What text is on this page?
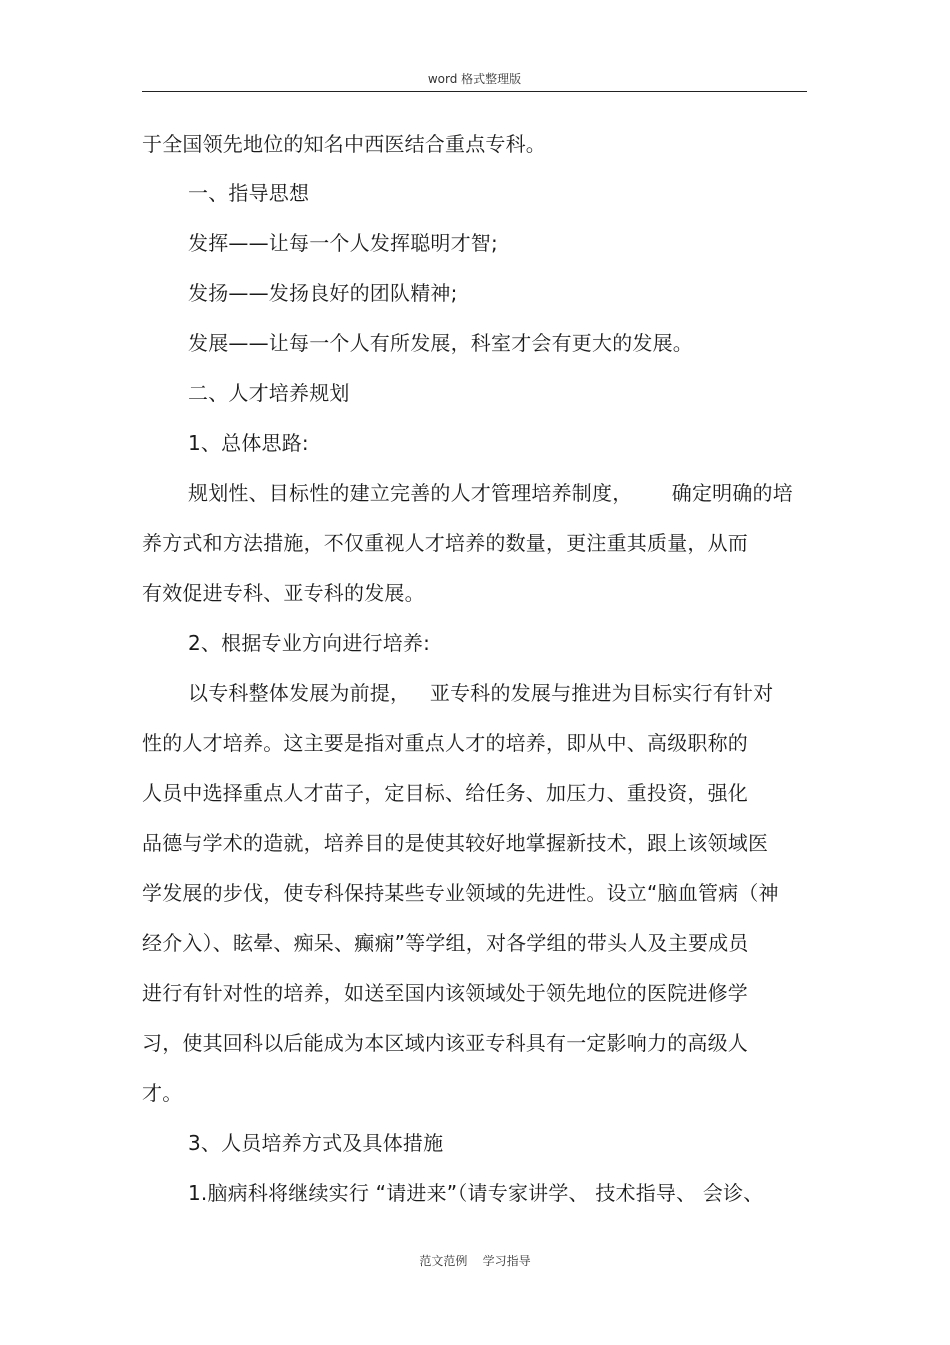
word 格式整理版
于全国领先地位的知名中西医结合重点专科。
一、指导思想
发挥——让每一个人发挥聪明才智;
发扬——发扬良好的团队精神;
发展——让每一个人有所发展，科室才会有更大的发展。
二、人才培养规划
1、总体思路:
规划性、目标性的建立完善的人才管理培养制度，      确定明确的培
养方式和方法措施，不仅重视人才培养的数量，更注重其质量，从而
有效促进专科、亚专科的发展。
2、根据专业方向进行培养:
以专科整体发展为前提，   亚专科的发展与推进为目标实行有针对
性的人才培养。这主要是指对重点人才的培养，即从中、高级职称的
人员中选择重点人才苗子，定目标、给任务、加压力、重投资，强化
品德与学术的造就，培养目的是使其较好地掌握新技术，跟上该领域医
学发展的步伐，使专科保持某些专业领域的先进性。设立“脑血管病（神
经介入）、眩晕、痴呆、癫痫”等学组，对各学组的带头人及主要成员
进行有针对性的培养，如送至国内该领域处于领先地位的医院进修学
习，使其回科以后能成为本区域内该亚专科具有一定影响力的高级人
才。
3、人员培养方式及具体措施
1.脑病科将继续实行 “请进来”（请专家讲学、 技术指导、 会诊、
范文范例    学习指导
